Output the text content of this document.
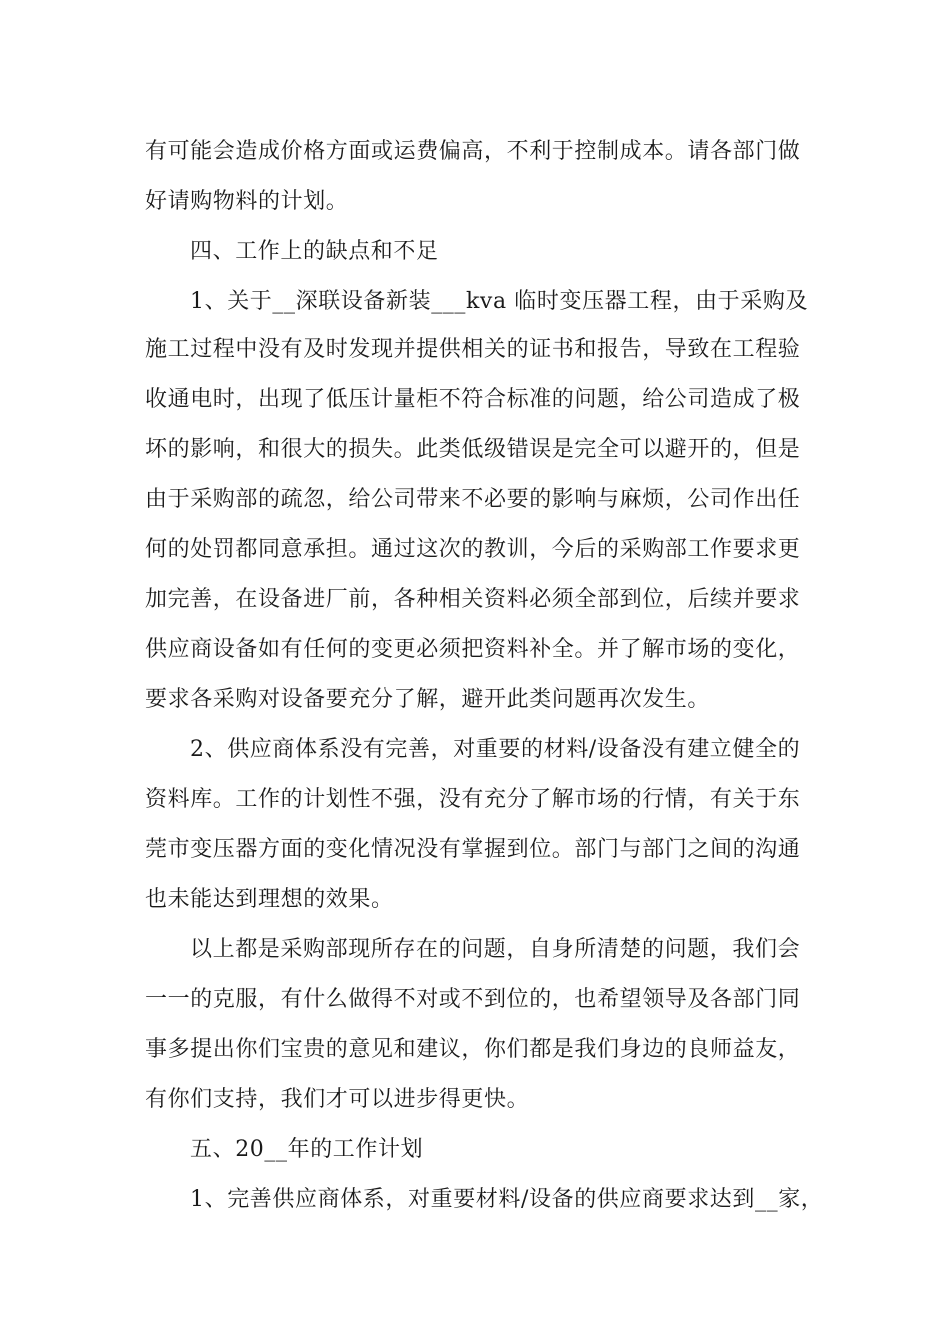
有可能会造成价格方面或运费偏高，不利于控制成本。请各部门做
好请购物料的计划。
四、工作上的缺点和不足
1、关于__深联设备新装___kva 临时变压器工程，由于采购及
施工过程中没有及时发现并提供相关的证书和报告，导致在工程验
收通电时，出现了低压计量柜不符合标准的问题，给公司造成了极
坏的影响，和很大的损失。此类低级错误是完全可以避开的，但是
由于采购部的疏忽，给公司带来不必要的影响与麻烦，公司作出任
何的处罚都同意承担。通过这次的教训，今后的采购部工作要求更
加完善，在设备进厂前，各种相关资料必须全部到位，后续并要求
供应商设备如有任何的变更必须把资料补全。并了解市场的变化，
要求各采购对设备要充分了解，避开此类问题再次发生。
2、供应商体系没有完善，对重要的材料/设备没有建立健全的
资料库。工作的计划性不强，没有充分了解市场的行情，有关于东
莞市变压器方面的变化情况没有掌握到位。部门与部门之间的沟通
也未能达到理想的效果。
以上都是采购部现所存在的问题，自身所清楚的问题，我们会
一一的克服，有什么做得不对或不到位的，也希望领导及各部门同
事多提出你们宝贵的意见和建议，你们都是我们身边的良师益友，
有你们支持，我们才可以进步得更快。
五、20__年的工作计划
1、完善供应商体系，对重要材料/设备的供应商要求达到__家，
